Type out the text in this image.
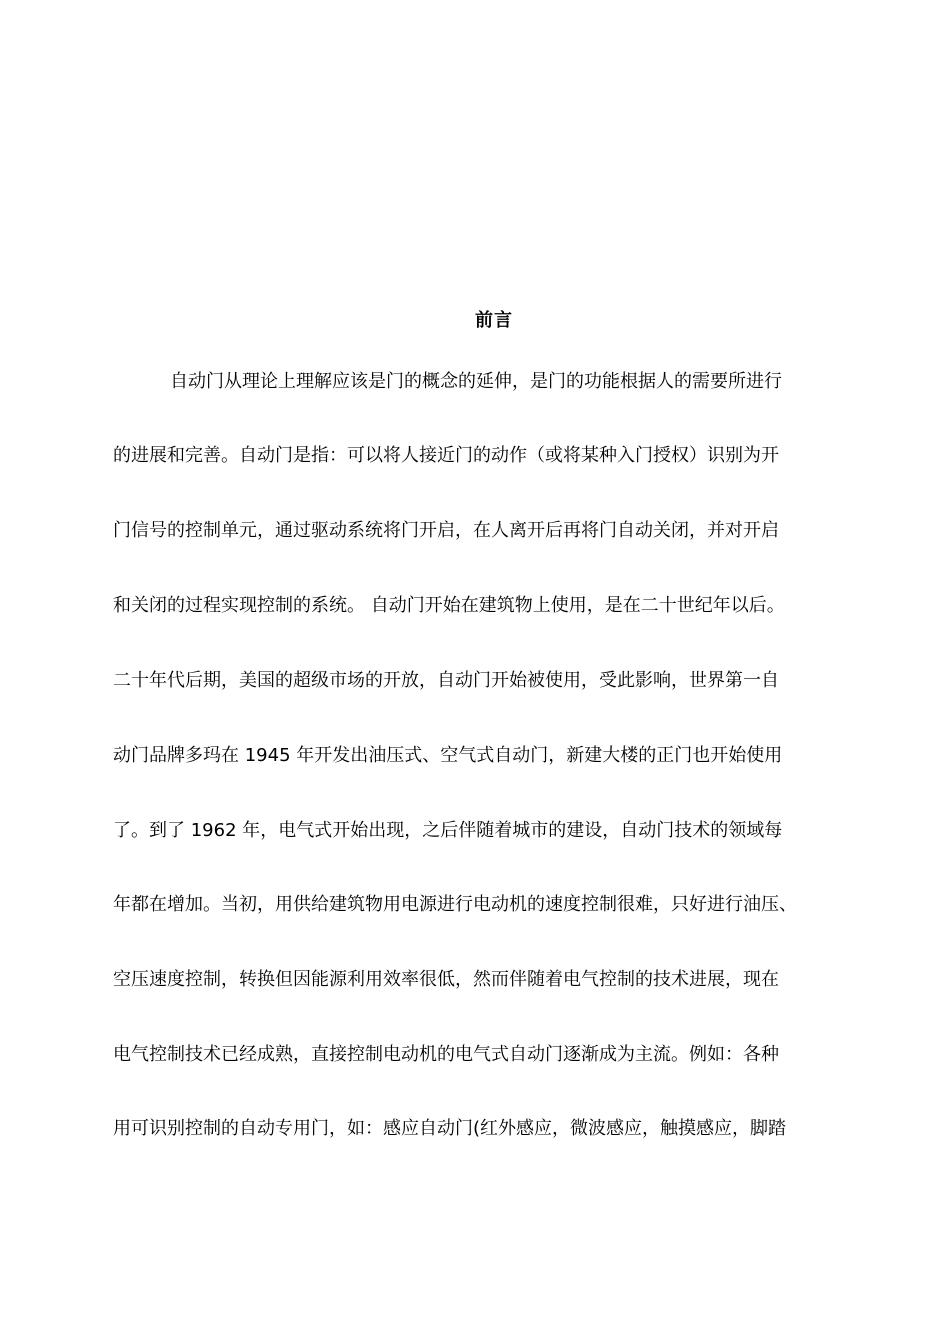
前言
自动门从理论上理解应该是门的概念的延伸，是门的功能根据人的需要所进行
的进展和完善。自动门是指：可以将人接近门的动作（或将某种入门授权）识别为开
门信号的控制单元，通过驱动系统将门开启，在人离开后再将门自动关闭，并对开启
和关闭的过程实现控制的系统。 自动门开始在建筑物上使用，是在二十世纪年以后。
二十年代后期，美国的超级市场的开放，自动门开始被使用，受此影响，世界第一自
动门品牌多玛在 1945 年开发出油压式、空气式自动门，新建大楼的正门也开始使用
了。到了 1962 年，电气式开始出现，之后伴随着城市的建设，自动门技术的领域每
年都在增加。当初，用供给建筑物用电源进行电动机的速度控制很难，只好进行油压、
空压速度控制，转换但因能源利用效率很低，然而伴随着电气控制的技术进展，现在
电气控制技术已经成熟，直接控制电动机的电气式自动门逐渐成为主流。例如：各种
用可识别控制的自动专用门，如：感应自动门(红外感应，微波感应，触摸感应，脚踏
